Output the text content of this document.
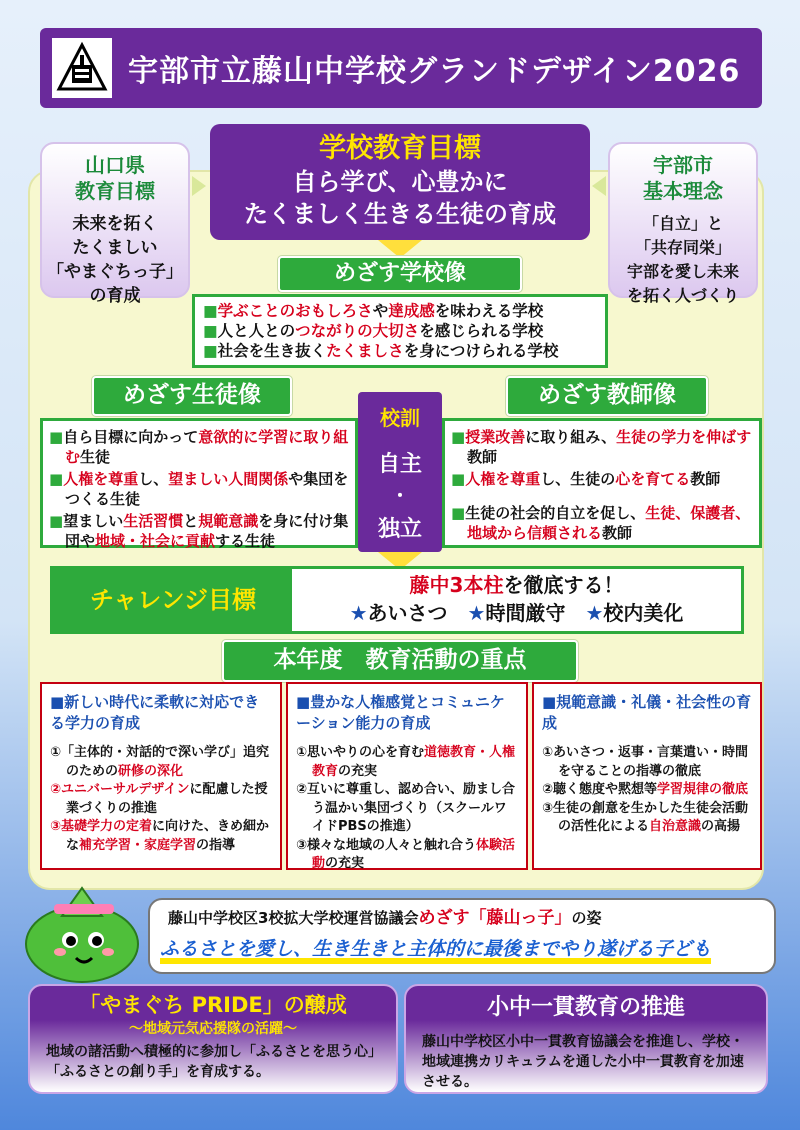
宇部市立藤山中学校グランドデザイン2026
山口県
教育目標
未来を拓く
たくましい
「やまぐちっ子」
の育成
宇部市
基本理念
「自立」と
「共存同栄」
宇部を愛し未来
を拓く人づくり
学校教育目標
自ら学び、心豊かに
たくましく生きる生徒の育成
めざす学校像
■学ぶことのおもしろさや達成感を味わえる学校
■人と人とのつながりの大切さを感じられる学校
■社会を生き抜くたくましさを身につけられる学校
めざす生徒像
■自ら目標に向かって意欲的に学習に取り組む生徒
■人権を尊重し、望ましい人間関係や集団をつくる生徒
■望ましい生活習慣と規範意識を身に付け集団や地域・社会に貢献する生徒
校訓
自主
・
独立
めざす教師像
■授業改善に取り組み、生徒の学力を伸ばす教師
■人権を尊重し、生徒の心を育てる教師
■生徒の社会的自立を促し、生徒、保護者、地域から信頼される教師
チャレンジ目標
藤中3本柱を徹底する！
★あいさつ　 ★時間厳守　 ★校内美化
本年度　教育活動の重点
■新しい時代に柔軟に対応できる学力の育成
①「主体的・対話的で深い学び」追究のための研修の深化
②ユニバーサルデザインに配慮した授業づくりの推進
③基礎学力の定着に向けた、きめ細かな補充学習・家庭学習の指導
■豊かな人権感覚とコミュニケーション能力の育成
①思いやりの心を育む道徳教育・人権教育の充実
②互いに尊重し、認め合い、励まし合う温かい集団づくり（スクールワイドPBSの推進）
③様々な地域の人々と触れ合う体験活動の充実
■規範意識・礼儀・社会性の育成
①あいさつ・返事・言葉遣い・時間を守ることの指導の徹底
②聴く態度や黙想等学習規律の徹底
③生徒の創意を生かした生徒会活動の活性化による自治意識の高揚
藤山中学校区3校拡大学校運営協議会めざす「藤山っ子」の姿
ふるさとを愛し、生き生きと主体的に最後までやり遂げる子ども
「やまぐち PRIDE」の醸成
～地域元気応援隊の活躍～
地域の諸活動へ積極的に参加し「ふるさとを思う心」「ふるさとの創り手」を育成する。
小中一貫教育の推進
藤山中学校区小中一貫教育協議会を推進し、学校・地域連携カリキュラムを通した小中一貫教育を加速させる。
